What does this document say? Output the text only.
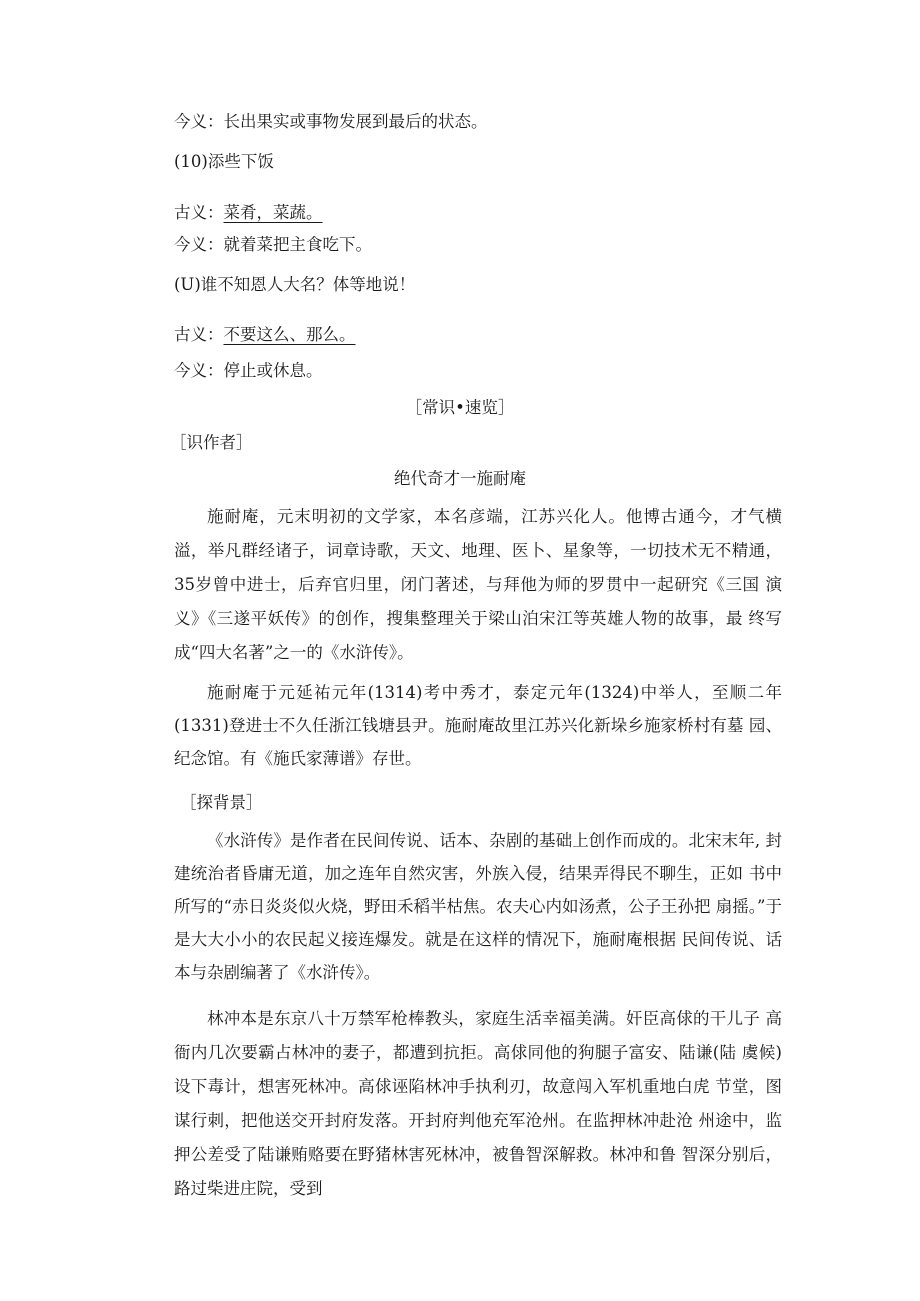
今义：长出果实或事物发展到最后的状态。
(10)添些下饭
古义：菜肴，菜蔬。
今义：就着菜把主食吃下。
(U)谁不知恩人大名？体等地说！
古义：不要这么、那么。
今义：停止或休息。
［常识•速览］
［识作者］
绝代奇才一施耐庵
施耐庵，元末明初的文学家，本名彦端，江苏兴化人。他博古通今，才气横 溢，举凡群经诸子，词章诗歌，天文、地理、医卜、星象等，一切技术无不精通，35岁曾中进士，后弃官归里，闭门著述，与拜他为师的罗贯中一起研究《三国 演义》《三遂平妖传》的创作，搜集整理关于梁山泊宋江等英雄人物的故事，最 终写成“四大名著”之一的《水浒传》。
施耐庵于元延祐元年(1314)考中秀才，泰定元年(1324)中举人，至顺二年 (1331)登进士不久任浙江钱塘县尹。施耐庵故里江苏兴化新垛乡施家桥村有墓 园、纪念馆。有《施氏家薄谱》存世。
［探背景］
《水浒传》是作者在民间传说、话本、杂剧的基础上创作而成的。北宋末年, 封建统治者昏庸无道，加之连年自然灾害，外族入侵，结果弄得民不聊生，正如 书中所写的“赤日炎炎似火烧，野田禾稻半枯焦。农夫心内如汤煮，公子王孙把 扇摇。”于是大大小小的农民起义接连爆发。就是在这样的情况下，施耐庵根据 民间传说、话本与杂剧编著了《水浒传》。
林冲本是东京八十万禁军枪棒教头，家庭生活幸福美满。奸臣高俅的干儿子 高衙内几次要霸占林冲的妻子，都遭到抗拒。高俅同他的狗腿子富安、陆谦(陆 虞候)设下毒计，想害死林冲。高俅诬陷林冲手执利刃，故意闯入军机重地白虎 节堂，图谋行刺，把他送交开封府发落。开封府判他充军沧州。在监押林冲赴沧 州途中，监押公差受了陆谦贿赂要在野猪林害死林冲，被鲁智深解救。林冲和鲁 智深分别后，路过柴进庄院，受到
